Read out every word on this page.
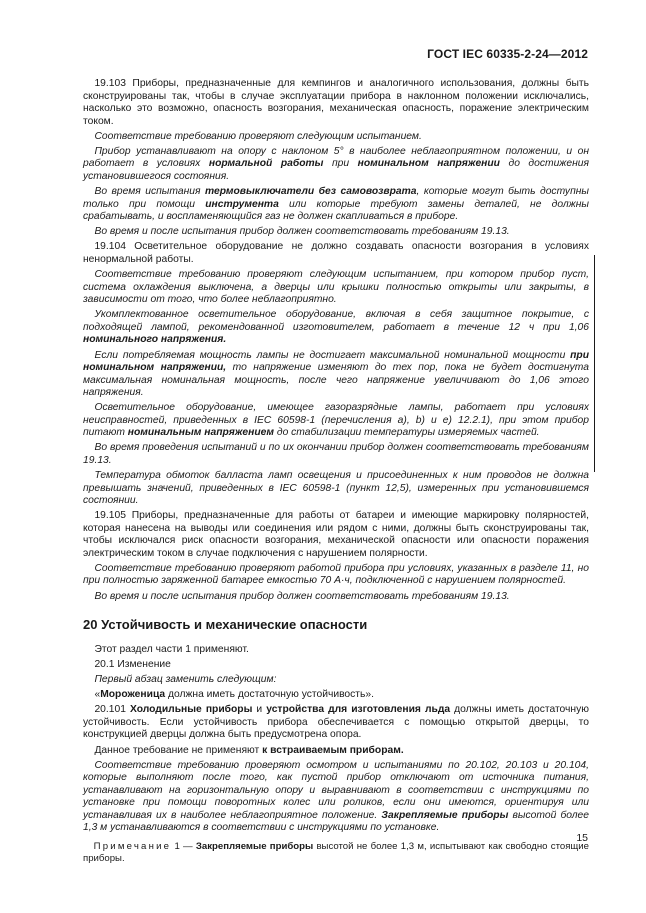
ГОСТ IEC 60335-2-24—2012

19.103 Приборы, предназначенные для кемпингов и аналогичного использования, должны быть сконструированы так, чтобы в случае эксплуатации прибора в наклонном положении исключались, насколько это возможно, опасность возгорания, механическая опасность, поражение электрическим током.

Соответствие требованию проверяют следующим испытанием.

Прибор устанавливают на опору с наклоном 5° в наиболее неблагоприятном положении, и он работает в условиях нормальной работы при номинальном напряжении до достижения установившегося состояния.

Во время испытания термовыключатели без самовозврата, которые могут быть доступны только при помощи инструмента или которые требуют замены деталей, не должны срабатывать, и воспламеняющийся газ не должен скапливаться в приборе.

Во время и после испытания прибор должен соответствовать требованиям 19.13.

19.104 Осветительное оборудование не должно создавать опасности возгорания в условиях ненормальной работы.

Соответствие требованию проверяют следующим испытанием, при котором прибор пуст, система охлаждения выключена, а дверцы или крышки полностью открыты или закрыты, в зависимости от того, что более неблагоприятно.

Укомплектованное осветительное оборудование, включая в себя защитное покрытие, с подходящей лампой, рекомендованной изготовителем, работает в течение 12 ч при 1,06 номинального напряжения.

Если потребляемая мощность лампы не достигает максимальной номинальной мощности при номинальном напряжении, то напряжение изменяют до тех пор, пока не будет достигнута максимальная номинальная мощность, после чего напряжение увеличивают до 1,06 этого напряжения.

Осветительное оборудование, имеющее газоразрядные лампы, работает при условиях неисправностей, приведенных в IEC 60598-1 (перечисления a), b) и e) 12.2.1), при этом прибор питают номинальным напряжением до стабилизации температуры измеряемых частей.

Во время проведения испытаний и по их окончании прибор должен соответствовать требованиям 19.13.

Температура обмоток балласта ламп освещения и присоединенных к ним проводов не должна превышать значений, приведенных в IEC 60598-1 (пункт 12,5), измеренных при установившемся состоянии.

19.105 Приборы, предназначенные для работы от батареи и имеющие маркировку полярностей, которая нанесена на выводы или соединения или рядом с ними, должны быть сконструированы так, чтобы исключался риск опасности возгорания, механической опасности или опасности поражения электрическим током в случае подключения с нарушением полярности.

Соответствие требованию проверяют работой прибора при условиях, указанных в разделе 11, но при полностью заряженной батарее емкостью 70 А·ч, подключенной с нарушением полярностей.

Во время и после испытания прибор должен соответствовать требованиям 19.13.

20 Устойчивость и механические опасности

Этот раздел части 1 применяют.

20.1 Изменение

Первый абзац заменить следующим:

«Мороженица должна иметь достаточную устойчивость».

20.101 Холодильные приборы и устройства для изготовления льда должны иметь достаточную устойчивость. Если устойчивость прибора обеспечивается с помощью открытой дверцы, то конструкцией дверцы должна быть предусмотрена опора.

Данное требование не применяют к встраиваемым приборам.

Соответствие требованию проверяют осмотром и испытаниями по 20.102, 20.103 и 20.104, которые выполняют после того, как пустой прибор отключают от источника питания, устанавливают на горизонтальную опору и выравнивают в соответствии с инструкциями по установке при помощи поворотных колес или роликов, если они имеются, ориентируя или устанавливая их в наиболее неблагоприятное положение. Закрепляемые приборы высотой более 1,3 м устанавливаются в соответствии с инструкциями по установке.

Примечание 1 — Закрепляемые приборы высотой не более 1,3 м, испытывают как свободно стоящие приборы.

15
